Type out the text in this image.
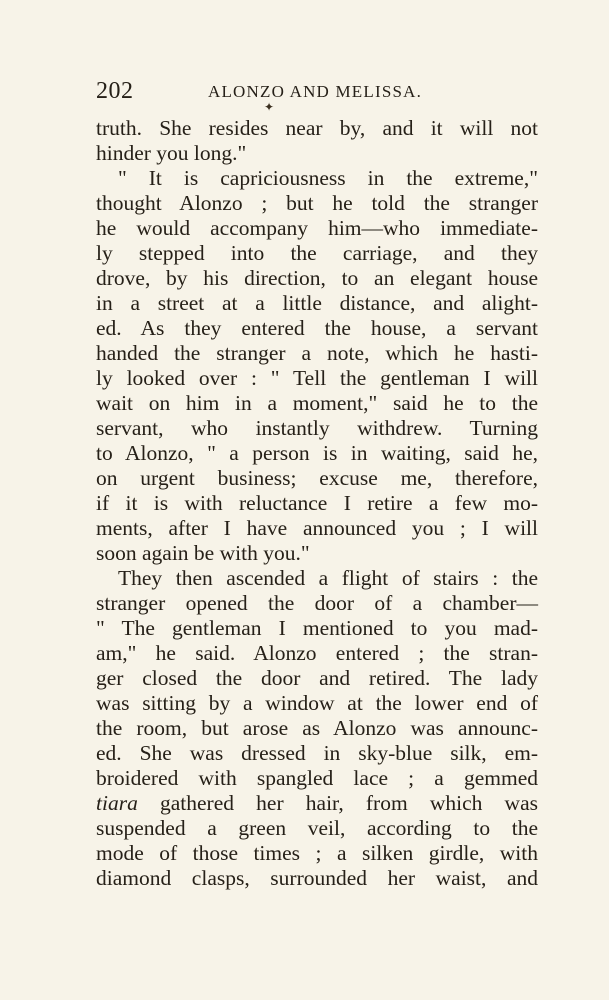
202	ALONZO AND MELISSA.
✦
truth. She resides near by, and it will not
hinder you long."
" It is capriciousness in the extreme,"
thought Alonzo ; but he told the stranger
he would accompany him—who immediate-
ly stepped into the carriage, and they
drove, by his direction, to an elegant house
in a street at a little distance, and alight-
ed. As they entered the house, a servant
handed the stranger a note, which he hasti-
ly looked over : " Tell the gentleman I will
wait on him in a moment," said he to the
servant, who instantly withdrew. Turning
to Alonzo, " a person is in waiting, said he,
on urgent business; excuse me, therefore,
if it is with reluctance I retire a few mo-
ments, after I have announced you ; I will
soon again be with you."
They then ascended a flight of stairs : the
stranger opened the door of a chamber—
" The gentleman I mentioned to you mad-
am," he said. Alonzo entered ; the stran-
ger closed the door and retired. The lady
was sitting by a window at the lower end of
the room, but arose as Alonzo was announc-
ed. She was dressed in sky-blue silk, em-
broidered with spangled lace ; a gemmed
tiara gathered her hair, from which was
suspended a green veil, according to the
mode of those times ; a silken girdle, with
diamond clasps, surrounded her waist, and
